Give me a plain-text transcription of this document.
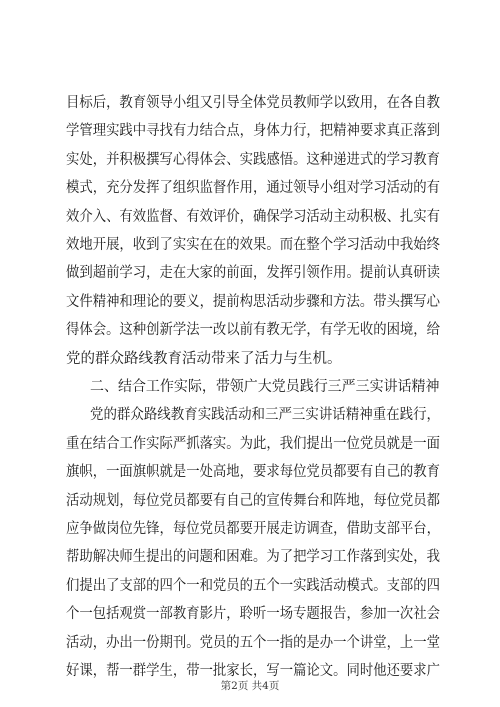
目标后，教育领导小组又引导全体党员教师学以致用，在各自教
学管理实践中寻找有力结合点，身体力行，把精神要求真正落到
实处，并积极撰写心得体会、实践感悟。这种递进式的学习教育
模式，充分发挥了组织监督作用，通过领导小组对学习活动的有
效介入、有效监督、有效评价，确保学习活动主动积极、扎实有
效地开展，收到了实实在在的效果。而在整个学习活动中我始终
做到超前学习，走在大家的前面，发挥引领作用。提前认真研读
文件精神和理论的要义，提前构思活动步骤和方法。带头撰写心
得体会。这种创新学法一改以前有教无学，有学无收的困境，给
党的群众路线教育活动带来了活力与生机。
二、结合工作实际，带领广大党员践行三严三实讲话精神
党的群众路线教育实践活动和三严三实讲话精神重在践行，
重在结合工作实际严抓落实。为此，我们提出一位党员就是一面
旗帜，一面旗帜就是一处高地，要求每位党员都要有自己的教育
活动规划，每位党员都要有自己的宣传舞台和阵地，每位党员都
应争做岗位先锋，每位党员都要开展走访调查，借助支部平台，
帮助解决师生提出的问题和困难。为了把学习工作落到实处，我
们提出了支部的四个一和党员的五个一实践活动模式。支部的四
个一包括观赏一部教育影片，聆听一场专题报告，参加一次社会
活动，办出一份期刊。党员的五个一指的是办一个讲堂，上一堂
好课，帮一群学生，带一批家长，写一篇论文。同时他还要求广
第2页 共4页
